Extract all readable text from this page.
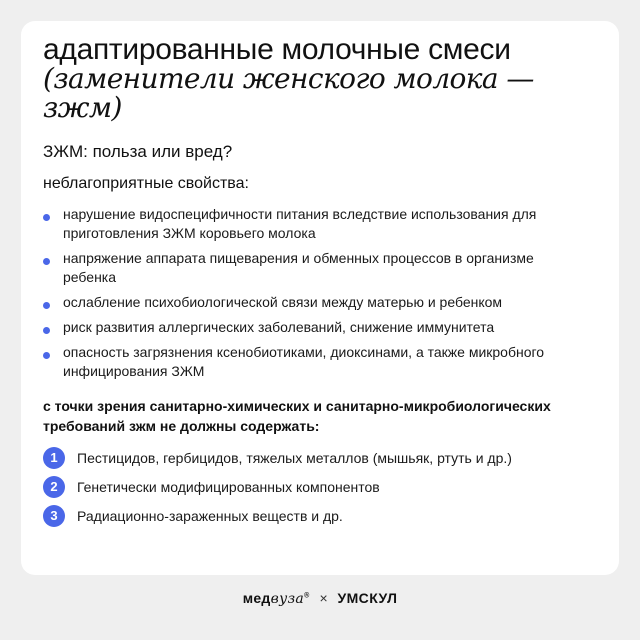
адаптированные молочные смеси (заменители женского молока — зжм)

ЗЖМ: польза или вред?

неблагоприятные свойства:

нарушение видоспецифичности питания вследствие использования для приготовления ЗЖМ коровьего молока
напряжение аппарата пищеварения и обменных процессов в организме ребенка
ослабление психобиологической связи между матерью и ребенком
риск развития аллергических заболеваний, снижение иммунитета
опасность загрязнения ксенобиотиками, диоксинами, а также микробного инфицирования ЗЖМ

с точки зрения санитарно-химических и санитарно-микробиологических требований зжм не должны содержать:

1	Пестицидов, гербицидов, тяжелых металлов (мышьяк, ртуть и др.)
2	Генетически модифицированных компонентов
3	Радиационно-зараженных веществ и др.
медвуза® × УМСКУЛ
